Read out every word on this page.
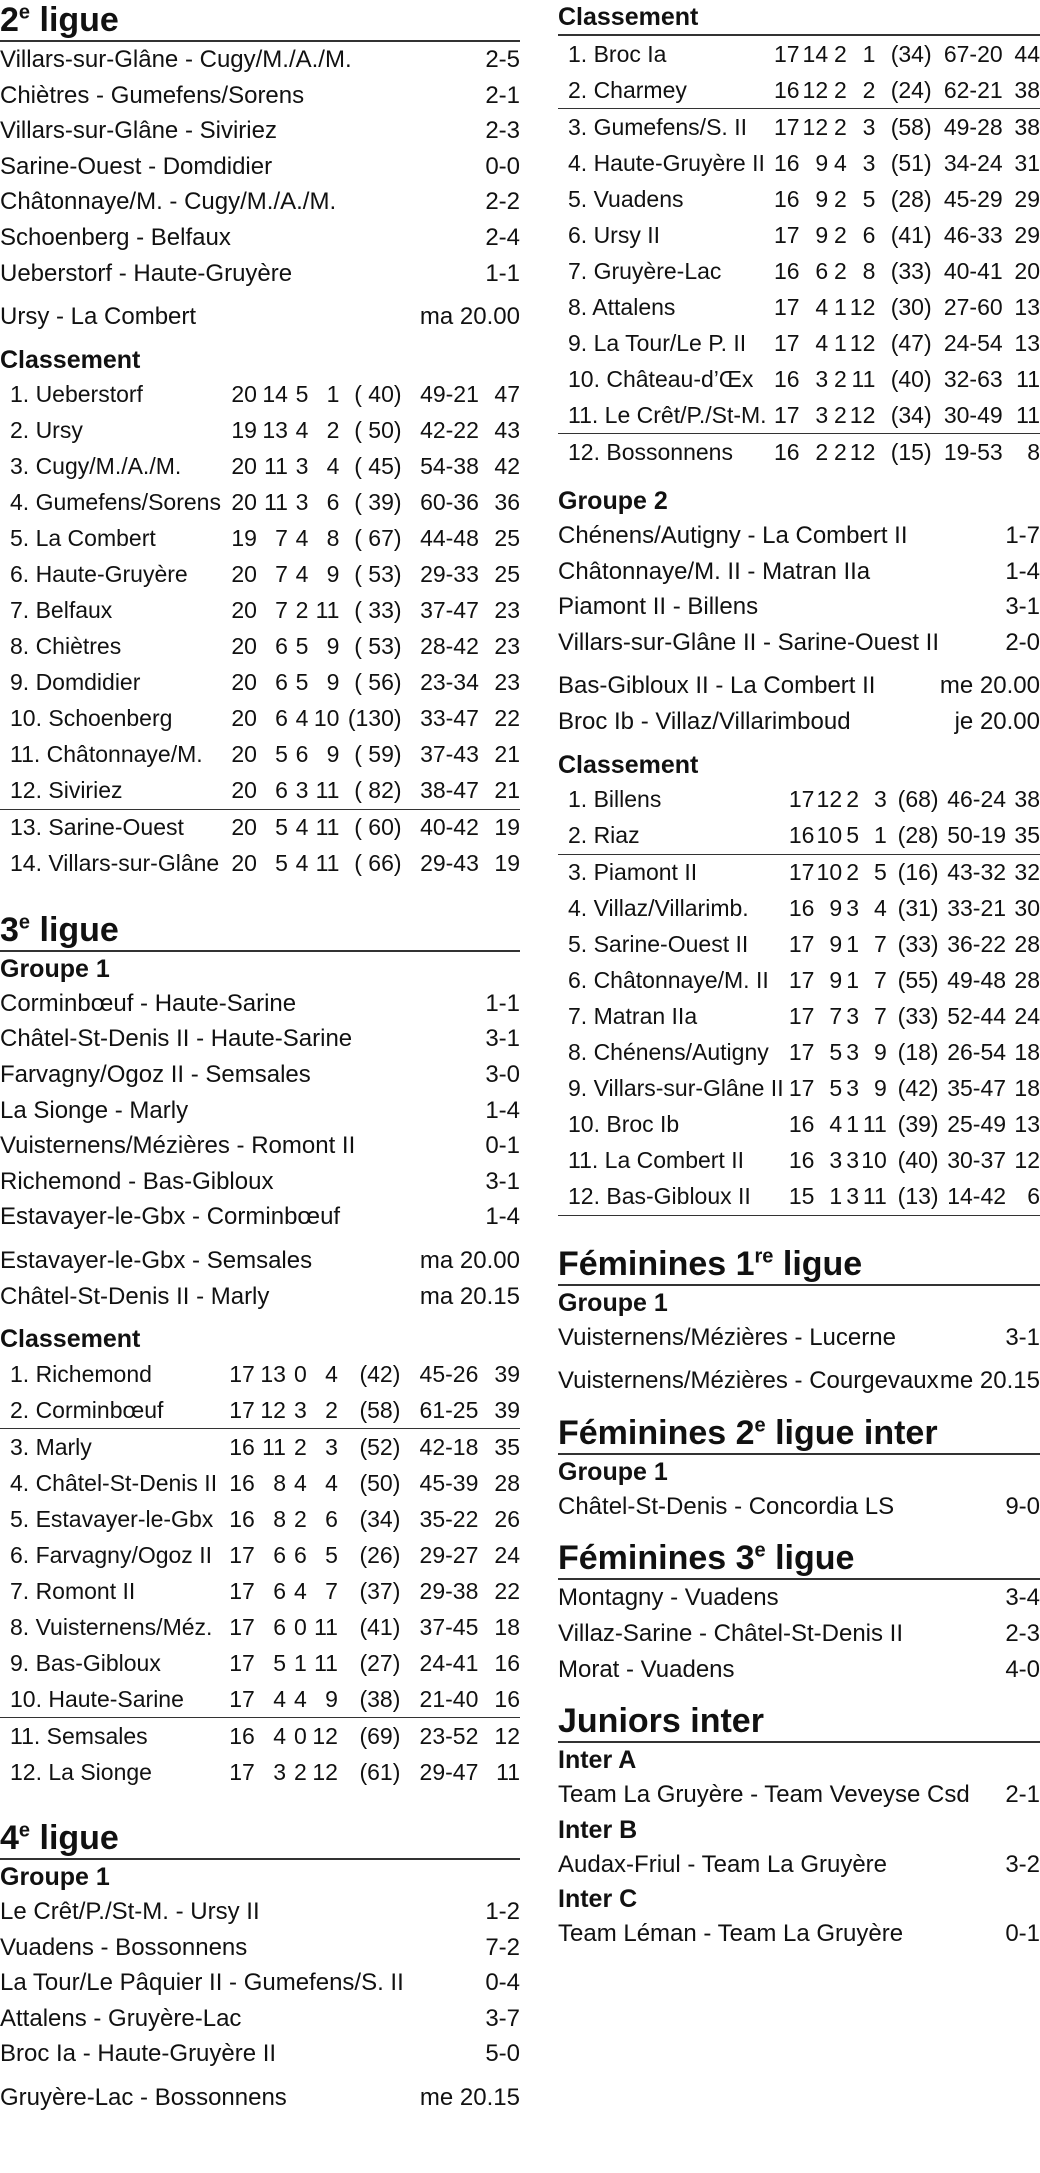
2e ligue
Villars-sur-Glâne - Cugy/M./A./M.	2-5
Chiètres - Gumefens/Sorens	2-1
Villars-sur-Glâne - Siviriez	2-3
Sarine-Ouest - Domdidier	0-0
Châtonnaye/M. - Cugy/M./A./M.	2-2
Schoenberg - Belfaux	2-4
Ueberstorf - Haute-Gruyère	1-1
Ursy - La Combert	ma 20.00
Classement
1. Ueberstorf	20	14	5	1	( 40)	49-21	47
2. Ursy	19	13	4	2	( 50)	42-22	43
3. Cugy/M./A./M.	20	11	3	4	( 45)	54-38	42
4. Gumefens/Sorens	20	11	3	6	( 39)	60-36	36
5. La Combert	19	7	4	8	( 67)	44-48	25
6. Haute-Gruyère	20	7	4	9	( 53)	29-33	25
7. Belfaux	20	7	2	11	( 33)	37-47	23
8. Chiètres	20	6	5	9	( 53)	28-42	23
9. Domdidier	20	6	5	9	( 56)	23-34	23
10. Schoenberg	20	6	4	10	(130)	33-47	22
11. Châtonnaye/M.	20	5	6	9	( 59)	37-43	21
12. Siviriez	20	6	3	11	( 82)	38-47	21
13. Sarine-Ouest	20	5	4	11	( 60)	40-42	19
14. Villars-sur-Glâne	20	5	4	11	( 66)	29-43	19
3e ligue
Groupe 1
Corminbœuf - Haute-Sarine	1-1
Châtel-St-Denis II - Haute-Sarine	3-1
Farvagny/Ogoz II - Semsales	3-0
La Sionge - Marly	1-4
Vuisternens/Mézières - Romont II	0-1
Richemond - Bas-Gibloux	3-1
Estavayer-le-Gbx - Corminbœuf	1-4
Estavayer-le-Gbx - Semsales	ma 20.00
Châtel-St-Denis II - Marly	ma 20.15
Classement
1. Richemond	17	13	0	4	(42)	45-26	39
2. Corminbœuf	17	12	3	2	(58)	61-25	39
3. Marly	16	11	2	3	(52)	42-18	35
4. Châtel-St-Denis II	16	8	4	4	(50)	45-39	28
5. Estavayer-le-Gbx	16	8	2	6	(34)	35-22	26
6. Farvagny/Ogoz II	17	6	6	5	(26)	29-27	24
7. Romont II	17	6	4	7	(37)	29-38	22
8. Vuisternens/Méz.	17	6	0	11	(41)	37-45	18
9. Bas-Gibloux	17	5	1	11	(27)	24-41	16
10. Haute-Sarine	17	4	4	9	(38)	21-40	16
11. Semsales	16	4	0	12	(69)	23-52	12
12. La Sionge	17	3	2	12	(61)	29-47	11
4e ligue
Groupe 1
Le Crêt/P./St-M. - Ursy II	1-2
Vuadens - Bossonnens	7-2
La Tour/Le Pâquier II - Gumefens/S. II	0-4
Attalens - Gruyère-Lac	3-7
Broc Ia - Haute-Gruyère II	5-0
Gruyère-Lac - Bossonnens	me 20.15
Classement
1. Broc Ia	17	14	2	1	(34)	67-20	44
2. Charmey	16	12	2	2	(24)	62-21	38
3. Gumefens/S. II	17	12	2	3	(58)	49-28	38
4. Haute-Gruyère II	16	9	4	3	(51)	34-24	31
5. Vuadens	16	9	2	5	(28)	45-29	29
6. Ursy II	17	9	2	6	(41)	46-33	29
7. Gruyère-Lac	16	6	2	8	(33)	40-41	20
8. Attalens	17	4	1	12	(30)	27-60	13
9. La Tour/Le P. II	17	4	1	12	(47)	24-54	13
10. Château-d’Œx	16	3	2	11	(40)	32-63	11
11. Le Crêt/P./St-M.	17	3	2	12	(34)	30-49	11
12. Bossonnens	16	2	2	12	(15)	19-53	8
Groupe 2
Chénens/Autigny - La Combert II	1-7
Châtonnaye/M. II - Matran IIa	1-4
Piamont II - Billens	3-1
Villars-sur-Glâne II - Sarine-Ouest II	2-0
Bas-Gibloux II - La Combert II	me 20.00
Broc Ib - Villaz/Villarimboud	je 20.00
Classement
1. Billens	17	12	2	3	(68)	46-24	38
2. Riaz	16	10	5	1	(28)	50-19	35
3. Piamont II	17	10	2	5	(16)	43-32	32
4. Villaz/Villarimb.	16	9	3	4	(31)	33-21	30
5. Sarine-Ouest II	17	9	1	7	(33)	36-22	28
6. Châtonnaye/M. II	17	9	1	7	(55)	49-48	28
7. Matran IIa	17	7	3	7	(33)	52-44	24
8. Chénens/Autigny	17	5	3	9	(18)	26-54	18
9. Villars-sur-Glâne II	17	5	3	9	(42)	35-47	18
10. Broc Ib	16	4	1	11	(39)	25-49	13
11. La Combert II	16	3	3	10	(40)	30-37	12
12. Bas-Gibloux II	15	1	3	11	(13)	14-42	6
Féminines 1re ligue
Groupe 1
Vuisternens/Mézières - Lucerne	3-1
Vuisternens/Mézières - Courgevaux me 20.15
Féminines 2e ligue inter
Groupe 1
Châtel-St-Denis - Concordia LS	9-0
Féminines 3e ligue
Montagny - Vuadens	3-4
Villaz-Sarine - Châtel-St-Denis II	2-3
Morat - Vuadens	4-0
Juniors inter
Inter A
Team La Gruyère - Team Veveyse Csd 2-1
Inter B
Audax-Friul - Team La Gruyère	3-2
Inter C
Team Léman - Team La Gruyère	0-1
